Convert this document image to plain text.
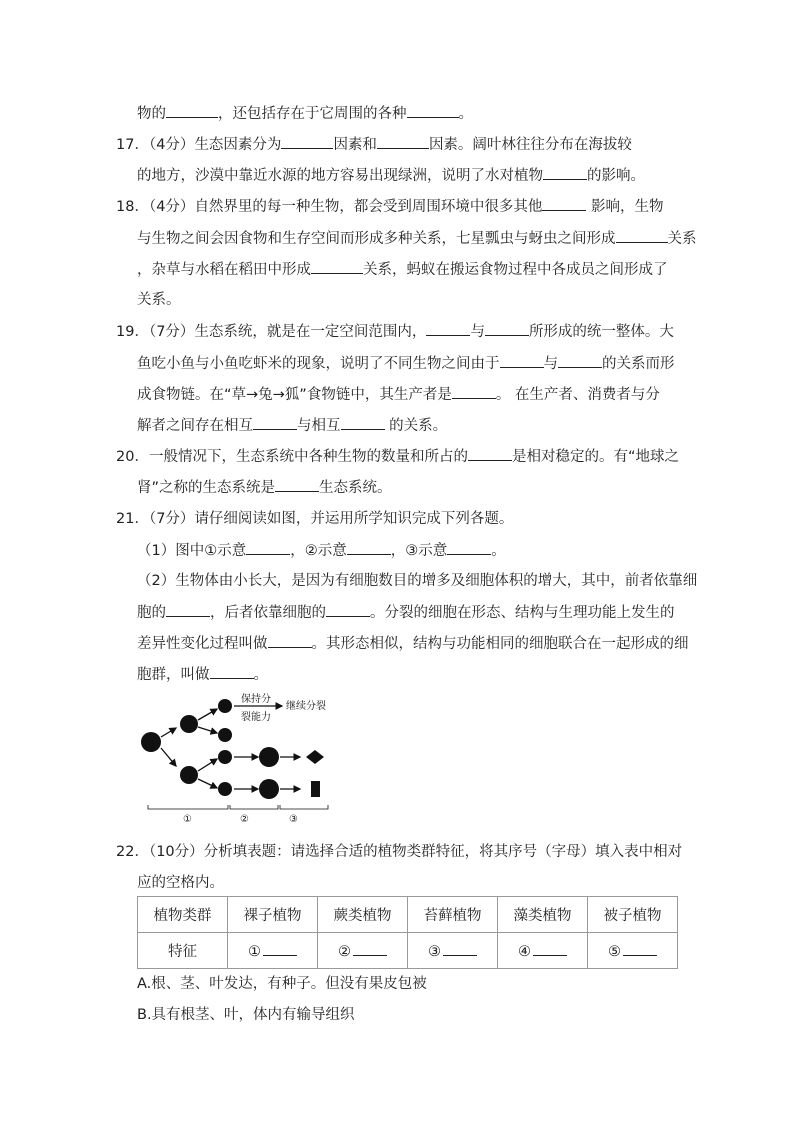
物的	，还包括存在于它周围的各种	。
17．（4分）生态因素分为	因素和	因素。阔叶林往往分布在海拔较
的地方，沙漠中靠近水源的地方容易出现绿洲，说明了水对植物	的影响。
18．（4分）自然界里的每一种生物，都会受到周围环境中很多其他	影响，生物
与生物之间会因食物和生存空间而形成多种关系，七星瓢虫与蚜虫之间形成	关系
，杂草与水稻在稻田中形成	关系，蚂蚁在搬运食物过程中各成员之间形成了
关系。
19．（7分）生态系统，就是在一定空间范围内，	与	所形成的统一整体。大
鱼吃小鱼与小鱼吃虾米的现象，说明了不同生物之间由于	与	的关系而形
成食物链。在“草→兔→狐”食物链中，其生产者是	。 在生产者、消费者与分
解者之间存在相互	与相互	的关系。
20．一般情况下，生态系统中各种生物的数量和所占的	是相对稳定的。有“地球之
肾”之称的生态系统是	生态系统。
21．（7分）请仔细阅读如图，并运用所学知识完成下列各题。
（1）图中①示意	，②示意	，③示意	。
（2）生物体由小长大，是因为有细胞数目的增多及细胞体积的增大，其中，前者依靠细
胞的	，后者依靠细胞的	。分裂的细胞在形态、结构与生理功能上发生的
差异性变化过程叫做	。其形态相似，结构与功能相同的细胞联合在一起形成的细
胞群，叫做	。
保持分
裂能力
继续分裂
①	②	③
22．（10分）分析填表题：请选择合适的植物类群特征，将其序号（字母）填入表中相对
应的空格内。
植物类群	裸子植物	蕨类植物	苔藓植物	藻类植物	被子植物
特征	①	②	③	④	⑤
A.根、茎、叶发达，有种子。但没有果皮包被
B.具有根茎、叶，体内有输导组织
